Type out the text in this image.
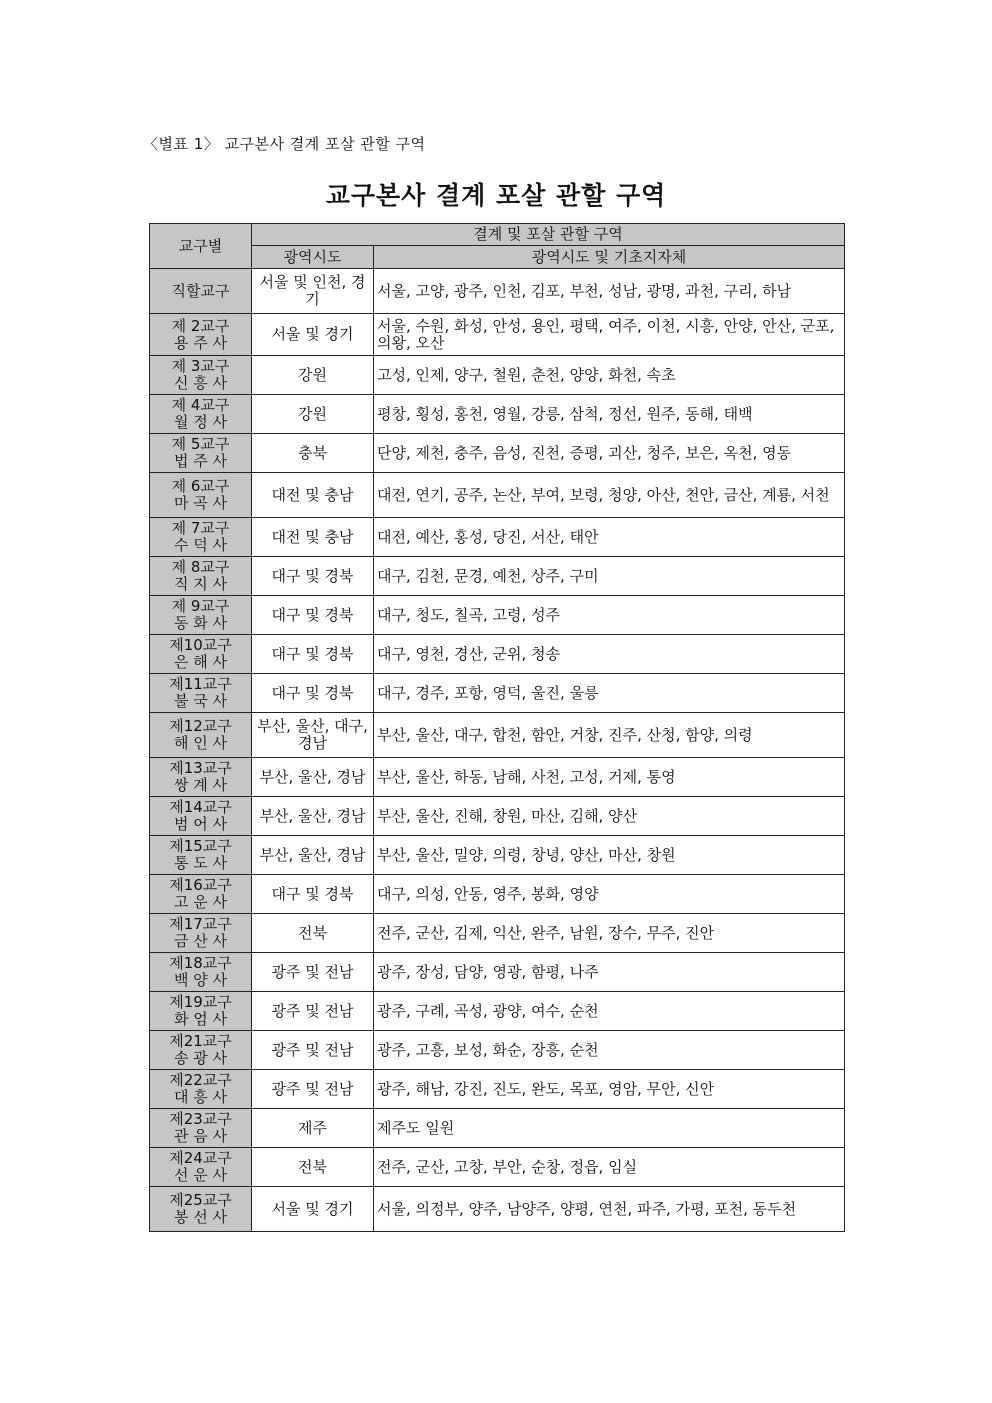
〈별표 1〉 교구본사 결계 포살 관할 구역
교구본사 결계 포살 관할 구역
교구별	결계 및 포살 관할 구역	
	광역시도	광역시도 및 기초지자체

직할교구	서울 및 인천, 경기	서울, 고양, 광주, 인천, 김포, 부천, 성남, 광명, 과천, 구리, 하남

제 2교구
용 주 사	서울 및 경기	서울, 수원, 화성, 안성, 용인, 평택, 여주, 이천, 시흥, 안양, 안산, 군포, 의왕, 오산

제 3교구
신 흥 사	강원	고성, 인제, 양구, 철원, 춘천, 양양, 화천, 속초

제 4교구
월 정 사	강원	평창, 횡성, 홍천, 영월, 강릉, 삼척, 정선, 원주, 동해, 태백

제 5교구
법 주 사	충북	단양, 제천, 충주, 음성, 진천, 증평, 괴산, 청주, 보은, 옥천, 영동

제 6교구
마 곡 사	대전 및 충남	대전, 연기, 공주, 논산, 부여, 보령, 청양, 아산, 천안, 금산, 계룡, 서천

제 7교구
수 덕 사	대전 및 충남	대전, 예산, 홍성, 당진, 서산, 태안

제 8교구
직 지 사	대구 및 경북	대구, 김천, 문경, 예천, 상주, 구미

제 9교구
동 화 사	대구 및 경북	대구, 청도, 칠곡, 고령, 성주

제10교구
은 해 사	대구 및 경북	대구, 영천, 경산, 군위, 청송

제11교구
불 국 사	대구 및 경북	대구, 경주, 포항, 영덕, 울진, 울릉

제12교구
해 인 사	부산, 울산, 대구, 경남	부산, 울산, 대구, 합천, 함안, 거창, 진주, 산청, 함양, 의령

제13교구
쌍 계 사	부산, 울산, 경남	부산, 울산, 하동, 남해, 사천, 고성, 거제, 통영

제14교구
범 어 사	부산, 울산, 경남	부산, 울산, 진해, 창원, 마산, 김해, 양산

제15교구
통 도 사	부산, 울산, 경남	부산, 울산, 밀양, 의령, 창녕, 양산, 마산, 창원

제16교구
고 운 사	대구 및 경북	대구, 의성, 안동, 영주, 봉화, 영양

제17교구
금 산 사	전북	전주, 군산, 김제, 익산, 완주, 남원, 장수, 무주, 진안

제18교구
백 양 사	광주 및 전남	광주, 장성, 담양, 영광, 함평, 나주

제19교구
화 엄 사	광주 및 전남	광주, 구례, 곡성, 광양, 여수, 순천

제21교구
송 광 사	광주 및 전남	광주, 고흥, 보성, 화순, 장흥, 순천

제22교구
대 흥 사	광주 및 전남	광주, 해남, 강진, 진도, 완도, 목포, 영암, 무안, 신안

제23교구
관 음 사	제주	제주도 일원

제24교구
선 운 사	전북	전주, 군산, 고창, 부안, 순창, 정읍, 임실

제25교구
봉 선 사	서울 및 경기	서울, 의정부, 양주, 남양주, 양평, 연천, 파주, 가평, 포천, 동두천
